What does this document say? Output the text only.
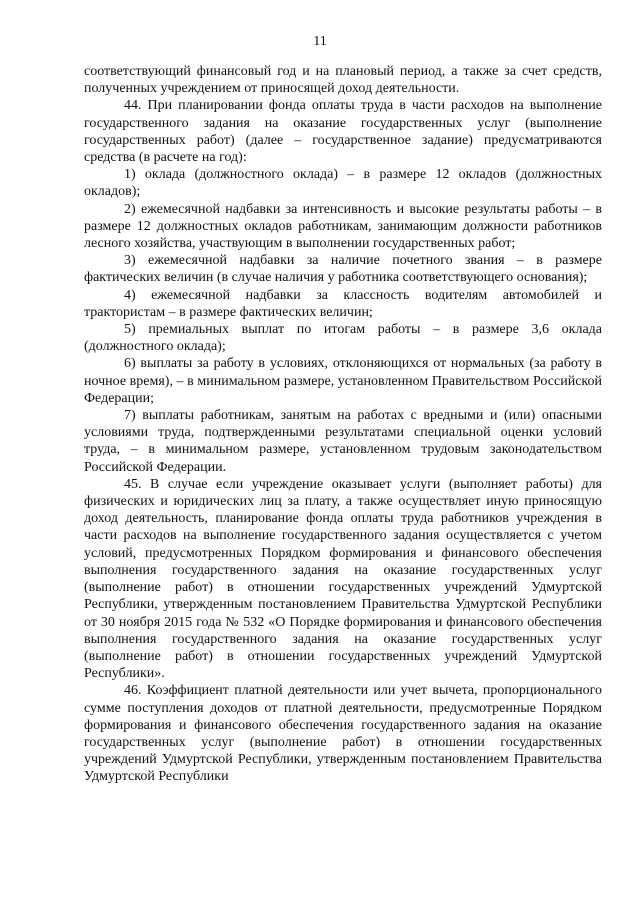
11

соответствующий финансовый год и на плановый период, а также за счет средств, полученных учреждением от приносящей доход деятельности.

44. При планировании фонда оплаты труда в части расходов на выполнение государственного задания на оказание государственных услуг (выполнение государственных работ) (далее – государственное задание) предусматриваются средства (в расчете на год):

1) оклада (должностного оклада) – в размере 12 окладов (должностных окладов);

2) ежемесячной надбавки за интенсивность и высокие результаты работы – в размере 12 должностных окладов работникам, занимающим должности работников лесного хозяйства, участвующим в выполнении государственных работ;

3) ежемесячной надбавки за наличие почетного звания – в размере фактических величин (в случае наличия у работника соответствующего основания);

4) ежемесячной надбавки за классность водителям автомобилей и трактористам – в размере фактических величин;

5) премиальных выплат по итогам работы – в размере 3,6 оклада (должностного оклада);

6) выплаты за работу в условиях, отклоняющихся от нормальных (за работу в ночное время), – в минимальном размере, установленном Правительством Российской Федерации;

7) выплаты работникам, занятым на работах с вредными и (или) опасными условиями труда, подтвержденными результатами специальной оценки условий труда, – в минимальном размере, установленном трудовым законодательством Российской Федерации.

45. В случае если учреждение оказывает услуги (выполняет работы) для физических и юридических лиц за плату, а также осуществляет иную приносящую доход деятельность, планирование фонда оплаты труда работников учреждения в части расходов на выполнение государственного задания осуществляется с учетом условий, предусмотренных Порядком формирования и финансового обеспечения выполнения государственного задания на оказание государственных услуг (выполнение работ) в отношении государственных учреждений Удмуртской Республики, утвержденным постановлением Правительства Удмуртской Республики от 30 ноября 2015 года № 532 «О Порядке формирования и финансового обеспечения выполнения государственного задания на оказание государственных услуг (выполнение работ) в отношении государственных учреждений Удмуртской Республики».

46. Коэффициент платной деятельности или учет вычета, пропорционального сумме поступления доходов от платной деятельности, предусмотренные Порядком формирования и финансового обеспечения государственного задания на оказание государственных услуг (выполнение работ) в отношении государственных учреждений Удмуртской Республики, утвержденным постановлением Правительства Удмуртской Республики
